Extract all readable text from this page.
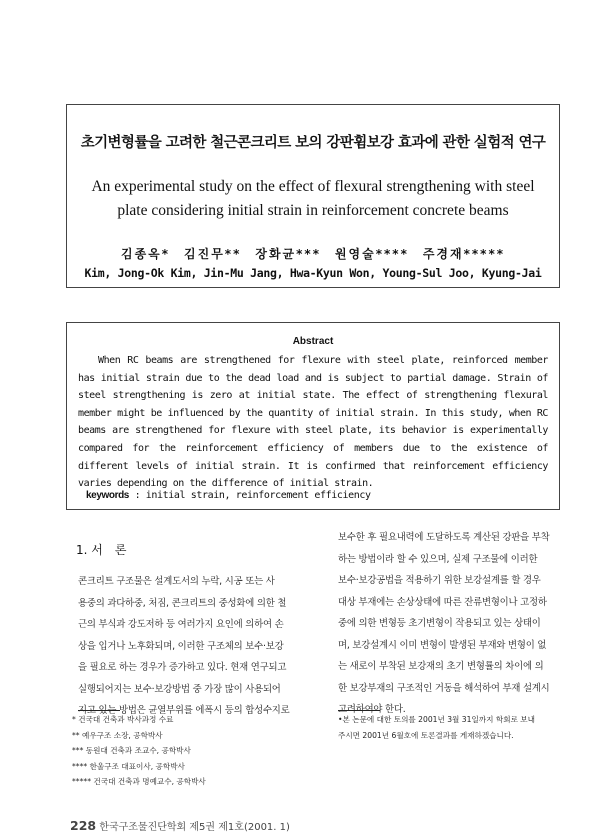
초기변형률을 고려한 철근콘크리트 보의 강판휨보강 효과에 관한 실험적 연구
An experimental study on the effect of flexural strengthening with steel
plate considering initial strain in reinforcement concrete beams
김종옥*　김진무**　장화균***　원영술****　주경재*****
Kim, Jong-Ok Kim, Jin-Mu Jang, Hwa-Kyun Won, Young-Sul Joo, Kyung-Jai
Abstract

When RC beams are strengthened for flexure with steel plate, reinforced member has initial strain due to the dead load and is subject to partial damage. Strain of steel strengthening is zero at initial state. The effect of strengthening flexural member might be influenced by the quantity of initial strain. In this study, when RC beams are strengthened for flexure with steel plate, its behavior is experimentally compared for the reinforcement efficiency of members due to the existence of different levels of initial strain. It is confirmed that reinforcement efficiency varies depending on the difference of initial strain.

keywords : initial strain, reinforcement efficiency
1. 서　론
콘크리트 구조물은 설계도서의 누락, 시공 또는 사
용중의 과다하중, 처짐, 콘크리트의 중성화에 의한 철
근의 부식과 강도저하 등 여러가지 요인에 의하여 손
상을 입거나 노후화되며, 이러한 구조체의 보수·보강
을 필요로 하는 경우가 증가하고 있다. 현재 연구되고
실행되어지는 보수·보강방법 중 가장 많이 사용되어
지고 있는 방법은 균열부위를 에폭시 등의 합성수지로
보수한 후 필요내력에 도달하도록 계산된 강판을 부착
하는 방법이라 할 수 있으며, 실제 구조물에 이러한
보수·보강공법을 적용하기 위한 보강설계를 할 경우
대상 부재에는 손상상태에 따른 잔류변형이나 고정하
중에 의한 변형등 초기변형이 작용되고 있는 상태이
며, 보강설계시 이미 변형이 발생된 부재와 변형이 없
는 새로이 부착된 보강재의 초기 변형률의 차이에 의
한 보강부재의 구조적인 거동을 해석하여 부재 설계시
고려하여야 한다.
* 건국대 건축과 박사과정 수료
** 예우구조 소장, 공학박사
*** 동원대 건축과 조교수, 공학박사
**** 한울구조 대표이사, 공학박사
***** 건국대 건축과 명예교수, 공학박사
•본 논문에 대한 토의를 2001년 3월 31일까지 학회로 보내
주시면 2001년 6월호에 토론결과를 게재하겠습니다.
228 한국구조물진단학회 제5권 제1호(2001. 1)
